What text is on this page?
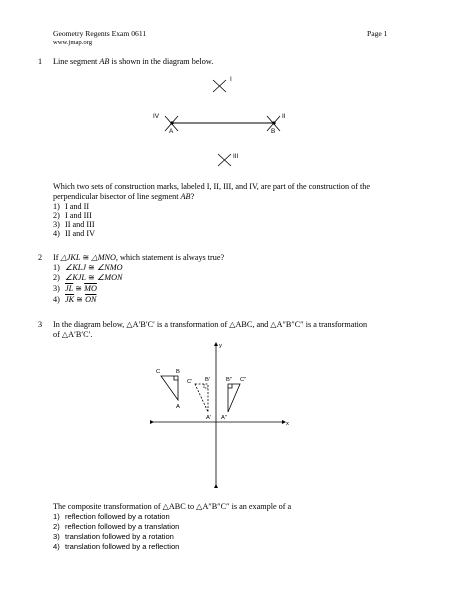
Geometry Regents Exam 0611
www.jmap.org
Page 1
1 Line segment AB is shown in the diagram below.
I
IV	II
A	B
III
Which two sets of construction marks, labeled I, II, III, and IV, are part of the construction of the
perpendicular bisector of line segment AB?
1) I and II
2) I and III
3) II and III
4) II and IV
2 If △JKL ≅ △MNO, which statement is always true?
1) ∠KLJ ≅ ∠NMO
2) ∠KJL ≅ ∠MON
3) $\overline{JL}$ ≅ $\overline{MO}$
4) $\overline{JK}$ ≅ $\overline{ON}$
3 In the diagram below, △A′B′C′ is a transformation of △ABC, and △A″B″C″ is a transformation
of △A′B′C′.
y
x
C	B
A
C′ B′
A′
B″ C″
A″
The composite transformation of △ABC to △A″B″C″ is an example of a
1) reflection followed by a rotation
2) reflection followed by a translation
3) translation followed by a rotation
4) translation followed by a reflection
